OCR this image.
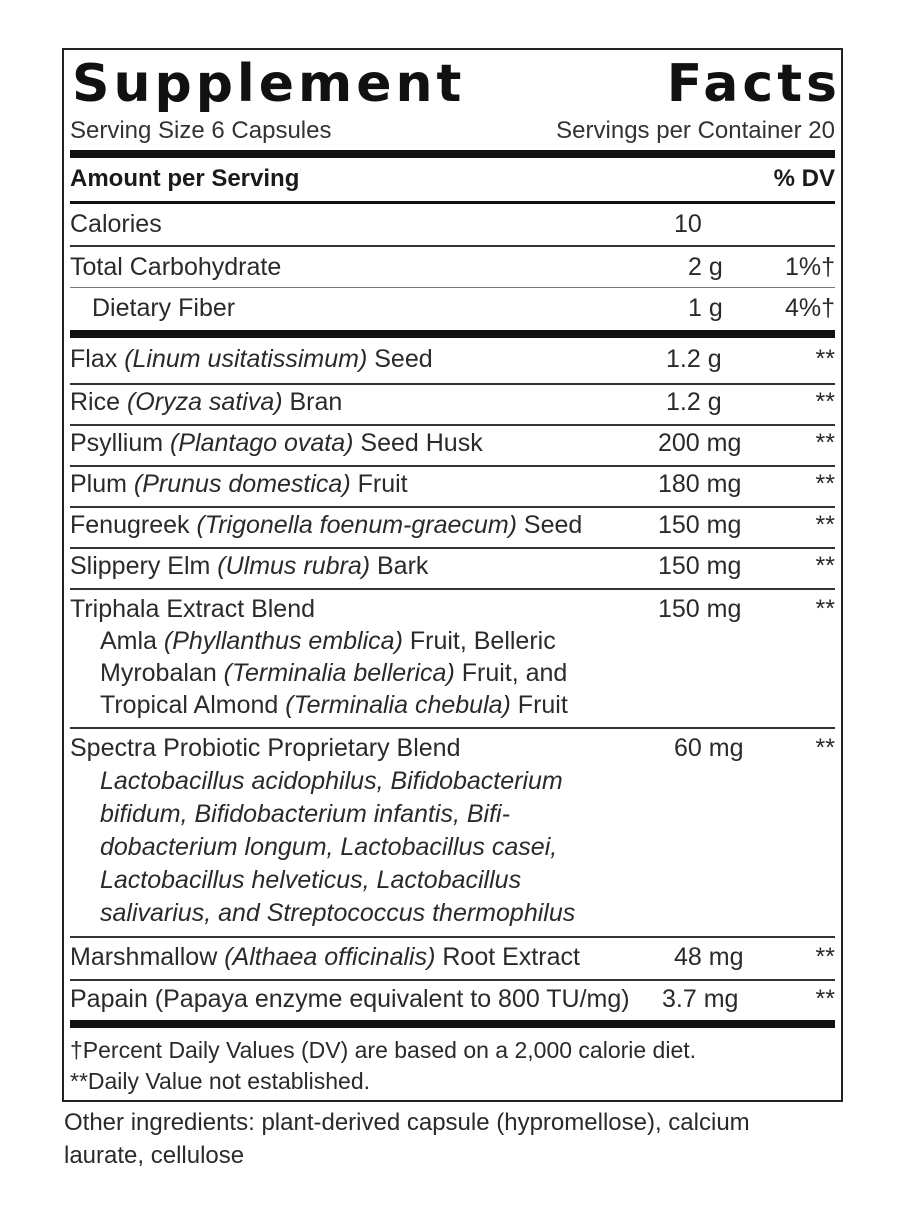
Supplement Facts
Serving Size 6 Capsules	Servings per Container 20
Amount per Serving	% DV
Calories	10
Total Carbohydrate	2 g 1%†
Dietary Fiber	1 g 4%†
Flax (Linum usitatissimum) Seed	1.2 g	**
Rice (Oryza sativa) Bran	1.2 g	**
Psyllium (Plantago ovata) Seed Husk	200 mg	**
Plum (Prunus domestica) Fruit	180 mg	**
Fenugreek (Trigonella foenum-graecum) Seed	150 mg	**
Slippery Elm (Ulmus rubra) Bark	150 mg	**
Triphala Extract Blend	150 mg	**
Amla (Phyllanthus emblica) Fruit, Belleric
Myrobalan (Terminalia bellerica) Fruit, and
Tropical Almond (Terminalia chebula) Fruit
Spectra Probiotic Proprietary Blend	60 mg	**
Lactobacillus acidophilus, Bifidobacterium
bifidum, Bifidobacterium infantis, Bifi-
dobacterium longum, Lactobacillus casei,
Lactobacillus helveticus, Lactobacillus
salivarius, and Streptococcus thermophilus
Marshmallow (Althaea officinalis) Root Extract	48 mg	**
Papain (Papaya enzyme equivalent to 800 TU/mg) 3.7 mg	**
†Percent Daily Values (DV) are based on a 2,000 calorie diet.
**Daily Value not established.
Other ingredients: plant-derived capsule (hypromellose), calcium laurate, cellulose
